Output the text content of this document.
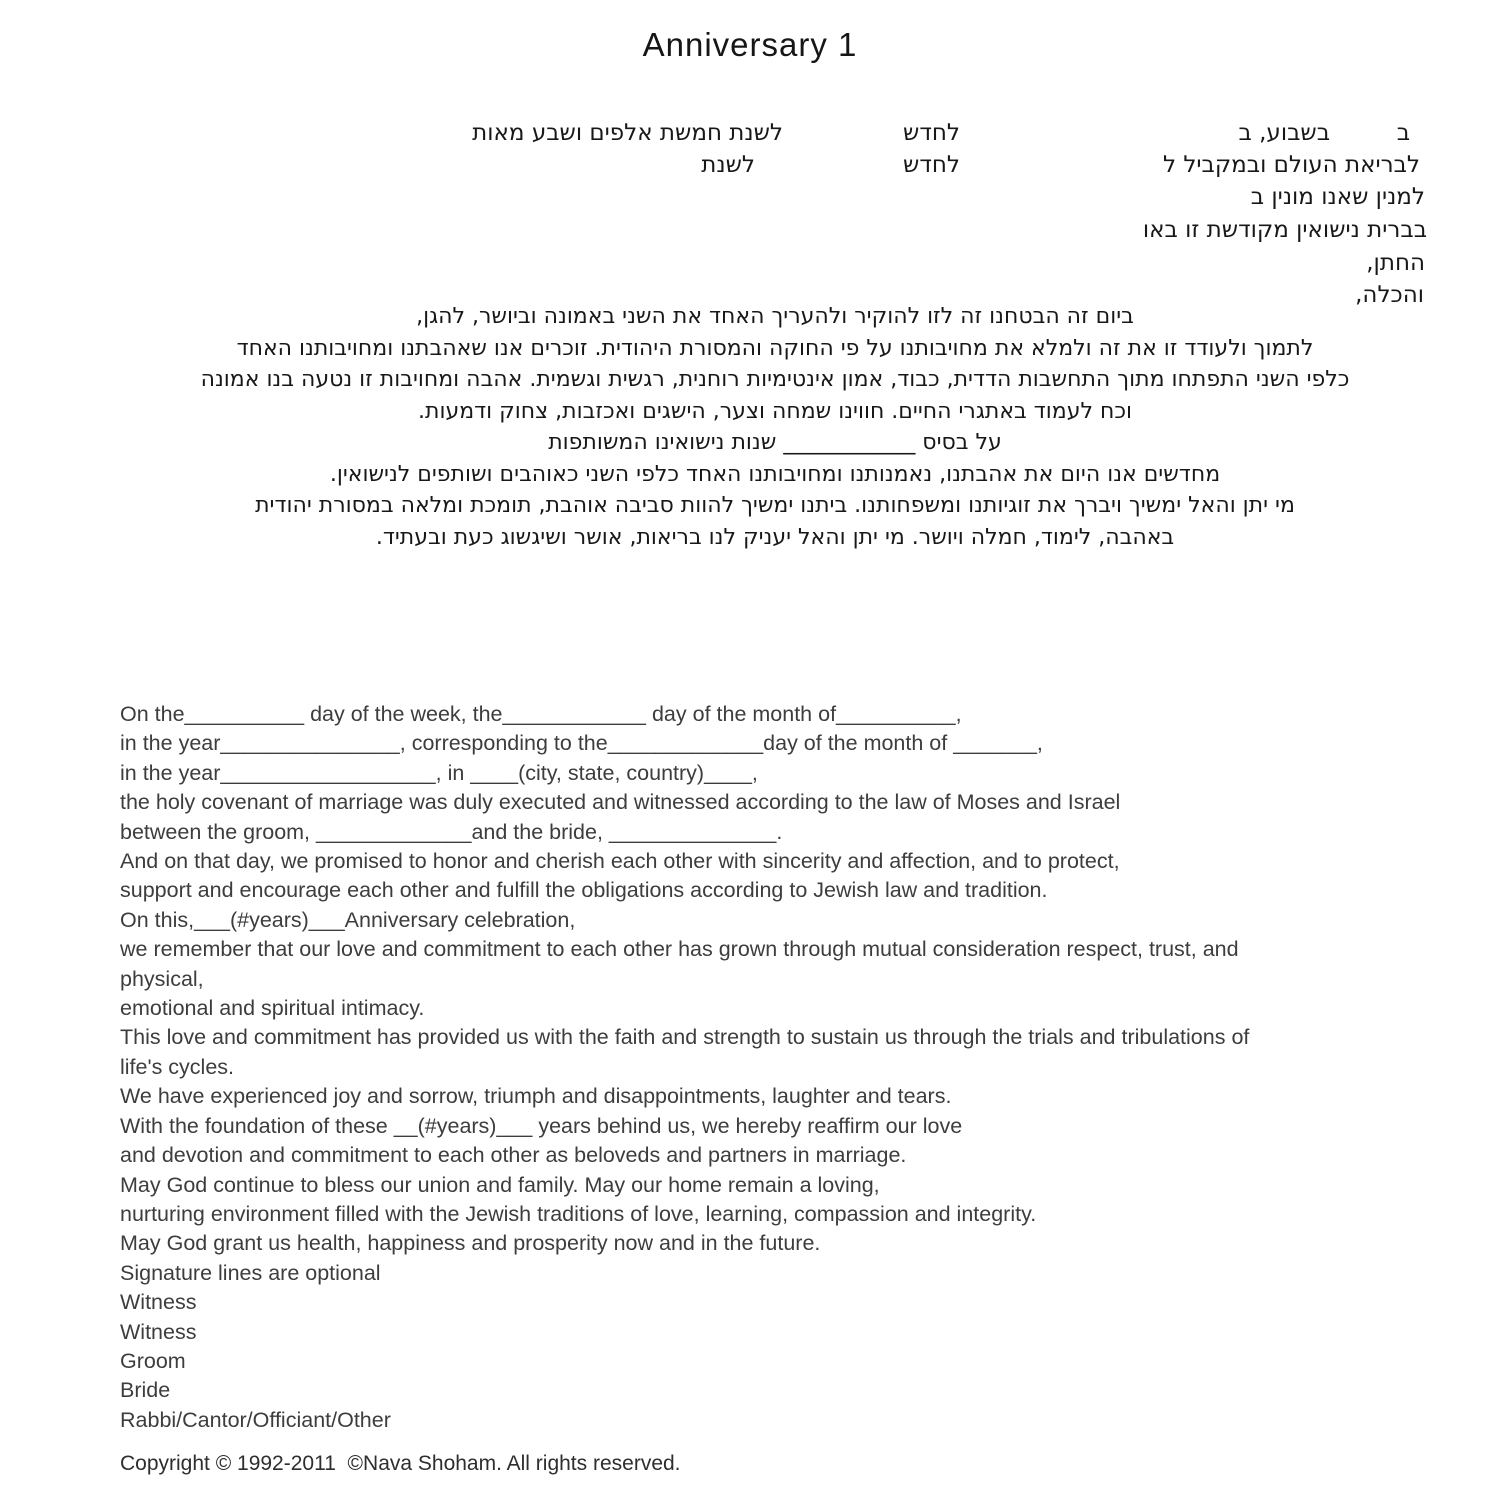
Anniversary 1
ב
בשבוע, ב
לחדש
לשנת חמשת אלפים ושבע מאות
לבריאת העולם ובמקביל ל
לחדש
לשנת
למנין שאנו מונין ב
בברית נישואין מקודשת זו באו
החתן,
והכלה,
ביום זה הבטחנו זה לזו להוקיר ולהעריך האחד את השני באמונה וביושר, להגן,
לתמוך ולעודד זו את זה ולמלא את מחויבותנו על פי החוקה והמסורת היהודית. זוכרים אנו שאהבתנו ומחויבותנו האחד
כלפי השני התפתחו מתוך התחשבות הדדית, כבוד, אמון אינטימיות רוחנית, רגשית וגשמית. אהבה ומחויבות זו נטעה בנו אמונה
וכח לעמוד באתגרי החיים. חווינו שמחה וצער, הישגים ואכזבות, צחוק ודמעות.
על בסיס ____________ שנות נישואינו המשותפות
מחדשים אנו היום את אהבתנו, נאמנותנו ומחויבותנו האחד כלפי השני כאוהבים ושותפים לנישואין.
מי יתן והאל ימשיך ויברך את זוגיותנו ומשפחותנו. ביתנו ימשיך להוות סביבה אוהבת, תומכת ומלאה במסורת יהודית
באהבה, לימוד, חמלה ויושר. מי יתן והאל יעניק לנו בריאות, אושר ושיגשוג כעת ובעתיד.
On the__________ day of the week, the____________ day of the month of__________,
in the year_______________, corresponding to the_____________day of the month of _______,
in the year__________________, in ____(city, state, country)____,
the holy covenant of marriage was duly executed and witnessed according to the law of Moses and Israel
between the groom, _____________and the bride, ______________.
And on that day, we promised to honor and cherish each other with sincerity and affection, and to protect,
support and encourage each other and fulfill the obligations according to Jewish law and tradition.
On this,___(#years)___Anniversary celebration,
we remember that our love and commitment to each other has grown through mutual consideration respect, trust, and
physical,
emotional and spiritual intimacy.
This love and commitment has provided us with the faith and strength to sustain us through the trials and tribulations of
life's cycles.
We have experienced joy and sorrow, triumph and disappointments, laughter and tears.
With the foundation of these __(#years)___ years behind us, we hereby reaffirm our love
and devotion and commitment to each other as beloveds and partners in marriage.
May God continue to bless our union and family. May our home remain a loving,
nurturing environment filled with the Jewish traditions of love, learning, compassion and integrity.
May God grant us health, happiness and prosperity now and in the future.
Signature lines are optional
Witness
Witness
Groom
Bride
Rabbi/Cantor/Officiant/Other
Copyright © 1992-2011  ©Nava Shoham. All rights reserved.
